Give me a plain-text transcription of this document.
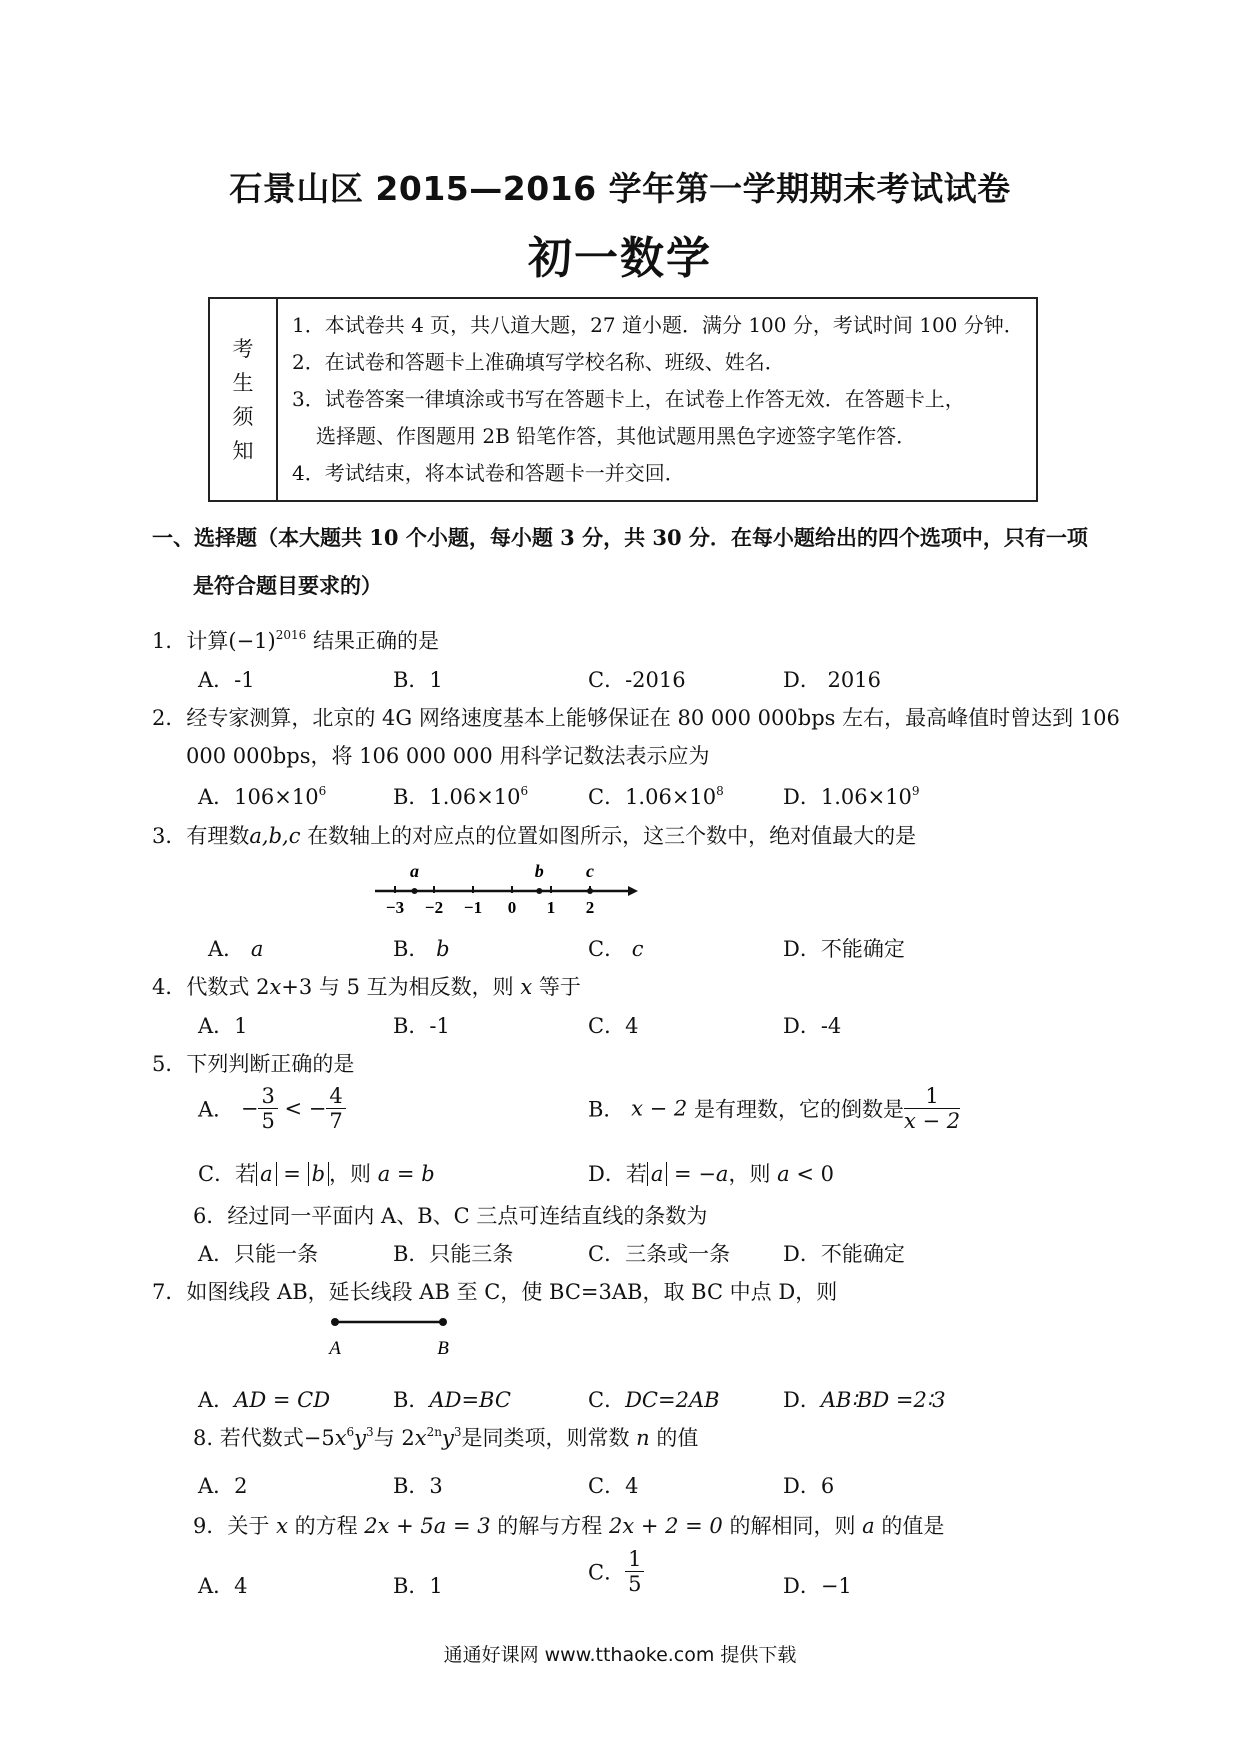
石景山区 2015—2016 学年第一学期期末考试试卷
初一数学
考
生
须
知

1．本试卷共 4 页，共八道大题，27 道小题．满分 100 分，考试时间 100 分钟．
2．在试卷和答题卡上准确填写学校名称、班级、姓名．
3．试卷答案一律填涂或书写在答题卡上，在试卷上作答无效．在答题卡上，
选择题、作图题用 2B 铅笔作答，其他试题用黑色字迹签字笔作答．
4．考试结束，将本试卷和答题卡一并交回．
一、选择题（本大题共 10 个小题，每小题 3 分，共 30 分．在每小题给出的四个选项中，只有一项
是符合题目要求的）
1．计算$(-1)^{2016}$ 结果正确的是
A．-1	B．1	C．-2016	D． 2016
2．经专家测算，北京的 4G 网络速度基本上能够保证在 80 000 000bps 左右，最高峰值时曾达到 106
000 000bps，将 106 000 000 用科学记数法表示应为
A．$106\times 10^6$	B．$1.06\times 10^6$	C．$1.06\times 10^8$	D．$1.06\times 10^9$
3．有理数a,b,c 在数轴上的对应点的位置如图所示，这三个数中，绝对值最大的是
−3 −2 −1 0 1 2
a	b c
A． a	B． b	C． c	D．不能确定
4．代数式 2x+3 与 5 互为相反数，则 x 等于
A．1	B．-1	C．4	D．-4
5．下列判断正确的是
A． − $\frac{3}{5}$ < − $\frac{4}{7}$	B． x − 2 是有理数，它的倒数是 $\frac{1}{x - 2}$
C．若 a = b ，则 a = b	D．若 a = −a，则 a < 0
6．经过同一平面内 A、B、C 三点可连结直线的条数为
A．只能一条	B．只能三条	C．三条或一条	D．不能确定
7．如图线段 AB，延长线段 AB 至 C，使 BC=3AB，取 BC 中点 D，则
A	B
A．AD = CD	B．AD=BC	C．DC=2AB	D．AB∶BD =2∶3
8. 若代数式$-5x^6y^3$与 $2x^{2n}y^3$是同类项，则常数 n 的值
A．2	B．3	C．4	D．6
9．关于 x 的方程 2x + 5a = 3 的解与方程 2x + 2 = 0 的解相同，则 a 的值是
A．4	B．1
C． $\frac{1}{5}$	D．−1
通通好课网 www.tthaoke.com 提供下载
